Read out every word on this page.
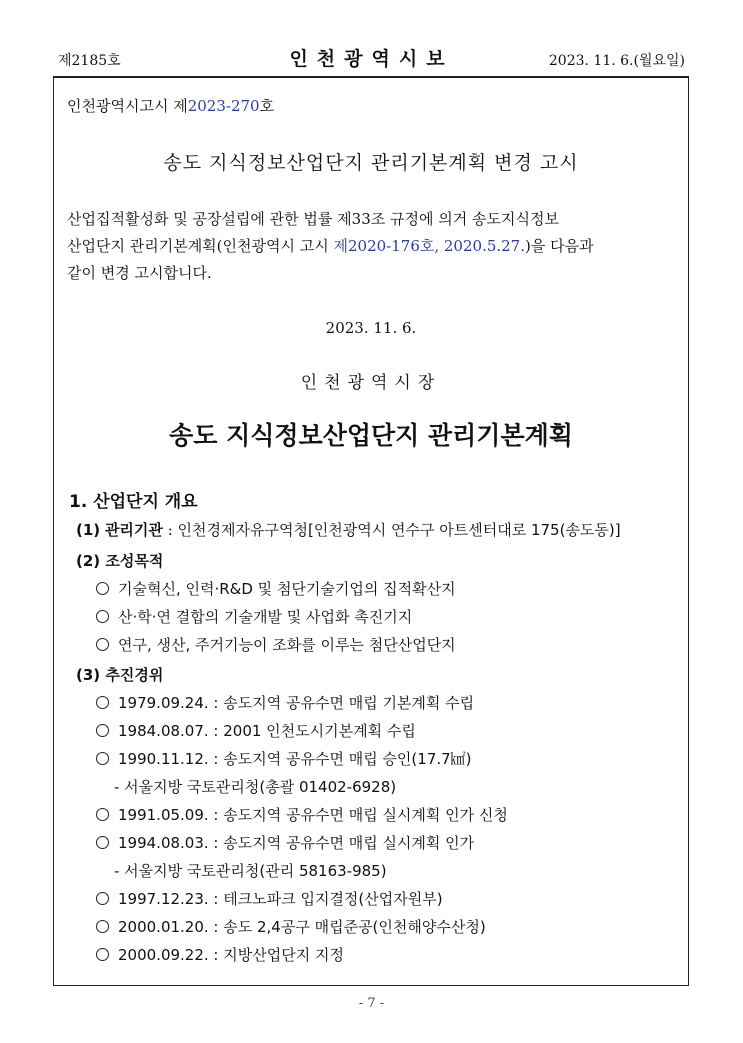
제2185호	인천광역시보	2023. 11. 6.(월요일)
인천광역시고시 제2023-270호
송도 지식정보산업단지 관리기본계획 변경 고시
산업집적활성화 및 공장설립에 관한 법률 제33조 규정에 의거 송도지식정보
산업단지 관리기본계획(인천광역시 고시 제2020-176호, 2020.5.27.)을 다음과
같이 변경 고시합니다.
2023. 11. 6.
인천광역시장
송도 지식정보산업단지 관리기본계획
1. 산업단지 개요
(1) 관리기관 : 인천경제자유구역청[인천광역시 연수구 아트센터대로 175(송도동)]
(2) 조성목적
기술혁신, 인력·R&D 및 첨단기술기업의 집적확산지
산·학·연 결합의 기술개발 및 사업화 촉진기지
연구, 생산, 주거기능이 조화를 이루는 첨단산업단지
(3) 추진경위
1979.09.24. : 송도지역 공유수면 매립 기본계획 수립
1984.08.07. : 2001 인천도시기본계획 수립
1990.11.12. : 송도지역 공유수면 매립 승인(17.7㎢)
- 서울지방 국토관리청(총괄 01402-6928)
1991.05.09. : 송도지역 공유수면 매립 실시계획 인가 신청
1994.08.03. : 송도지역 공유수면 매립 실시계획 인가
- 서울지방 국토관리청(관리 58163-985)
1997.12.23. : 테크노파크 입지결정(산업자원부)
2000.01.20. : 송도 2,4공구 매립준공(인천해양수산청)
2000.09.22. : 지방산업단지 지정
- 7 -
